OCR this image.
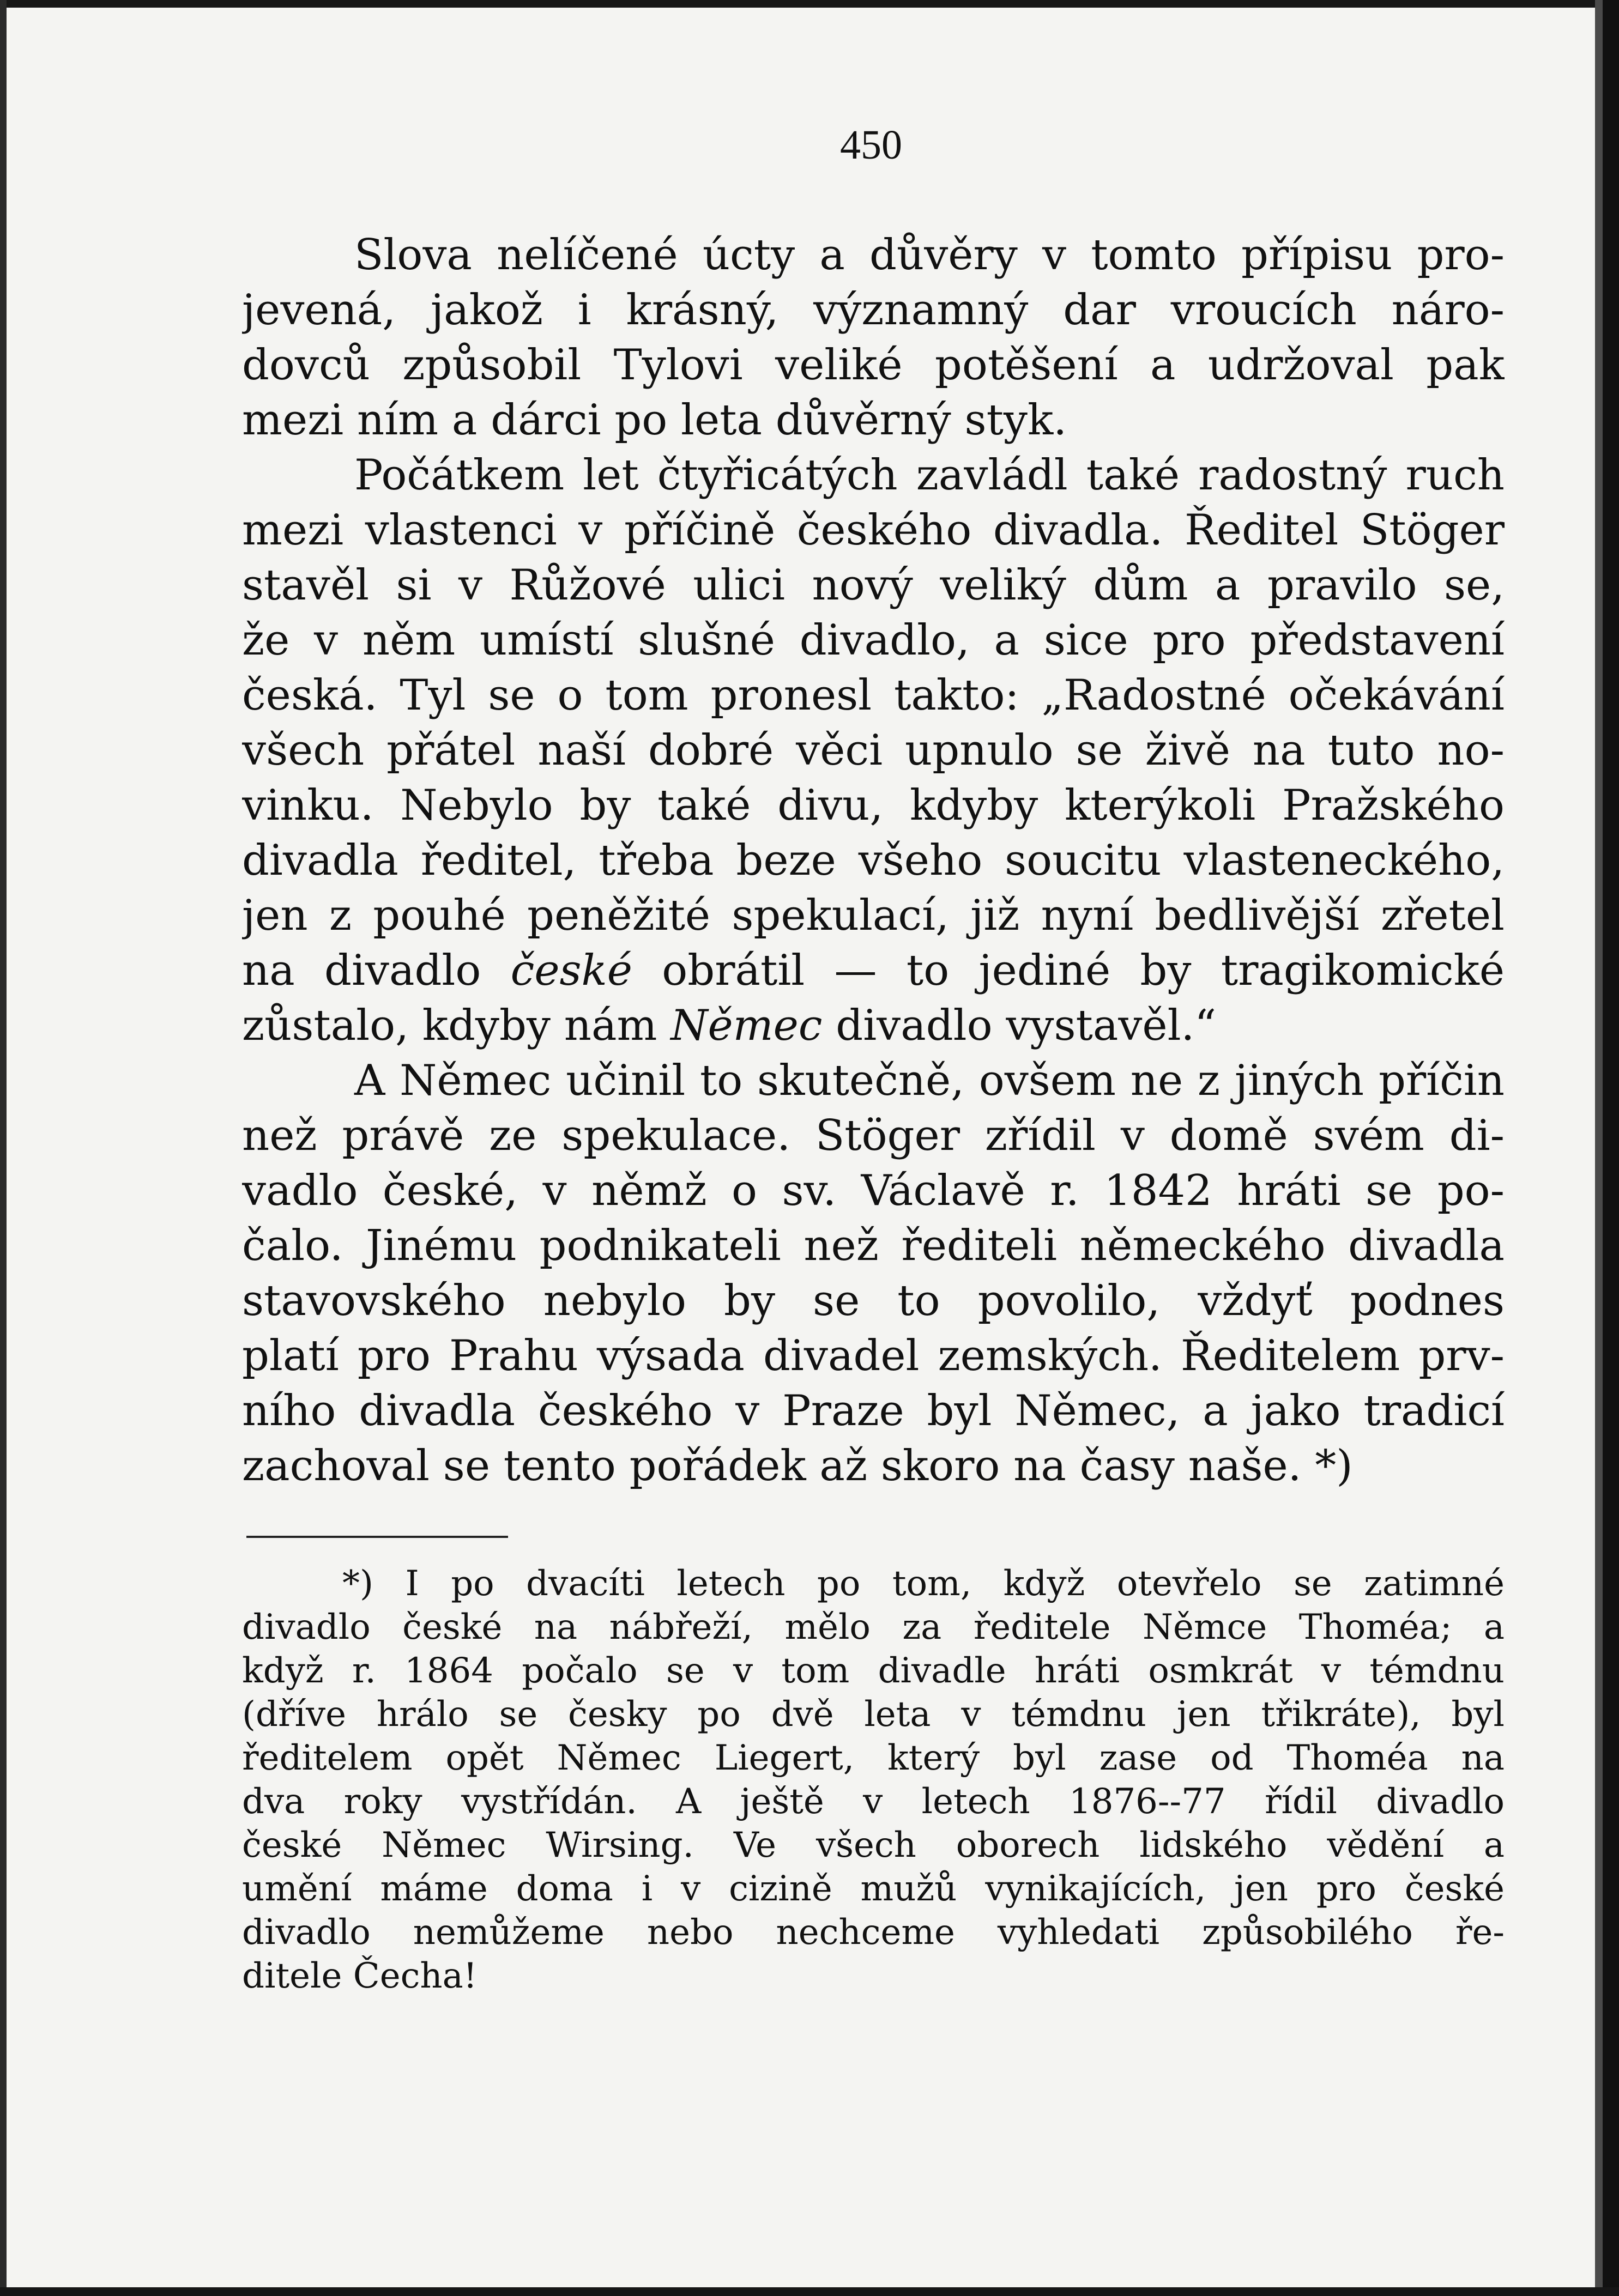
450
Slova nelíčené úcty a důvěry v tomto přípisu pro-
jevená, jakož i krásný, významný dar vroucích náro-
dovců způsobil Tylovi veliké potěšení a udržoval pak
mezi ním a dárci po leta důvěrný styk.
Počátkem let čtyřicátých zavládl také radostný ruch
mezi vlastenci v příčině českého divadla. Ředitel Stöger
stavěl si v Růžové ulici nový veliký dům a pravilo se,
že v něm umístí slušné divadlo, a sice pro představení
česká. Tyl se o tom pronesl takto: „Radostné očekávání
všech přátel naší dobré věci upnulo se živě na tuto no-
vinku. Nebylo by také divu, kdyby kterýkoli Pražského
divadla ředitel, třeba beze všeho soucitu vlasteneckého,
jen z pouhé peněžité spekulací, již nyní bedlivější zřetel
na divadlo české obrátil — to jediné by tragikomické
zůstalo, kdyby nám Němec divadlo vystavěl.“
A Němec učinil to skutečně, ovšem ne z jiných příčin
než právě ze spekulace. Stöger zřídil v domě svém di-
vadlo české, v němž o sv. Václavě r. 1842 hráti se po-
čalo. Jinému podnikateli než řediteli německého divadla
stavovského nebylo by se to povolilo, vždyť podnes
platí pro Prahu výsada divadel zemských. Ředitelem prv-
ního divadla českého v Praze byl Němec, a jako tradicí
zachoval se tento pořádek až skoro na časy naše. *)
*) I po dvacíti letech po tom, když otevřelo se zatimné
divadlo české na nábřeží, mělo za ředitele Němce Thoméa; a
když r. 1864 počalo se v tom divadle hráti osmkrát v témdnu
(dříve hrálo se česky po dvě leta v témdnu jen třikráte), byl
ředitelem opět Němec Liegert, který byl zase od Thoméa na
dva roky vystřídán. A ještě v letech 1876--77 řídil divadlo
české Němec Wirsing. Ve všech oborech lidského vědění a
umění máme doma i v cizině mužů vynikajících, jen pro české
divadlo nemůžeme nebo nechceme vyhledati způsobilého ře-
ditele Čecha!
